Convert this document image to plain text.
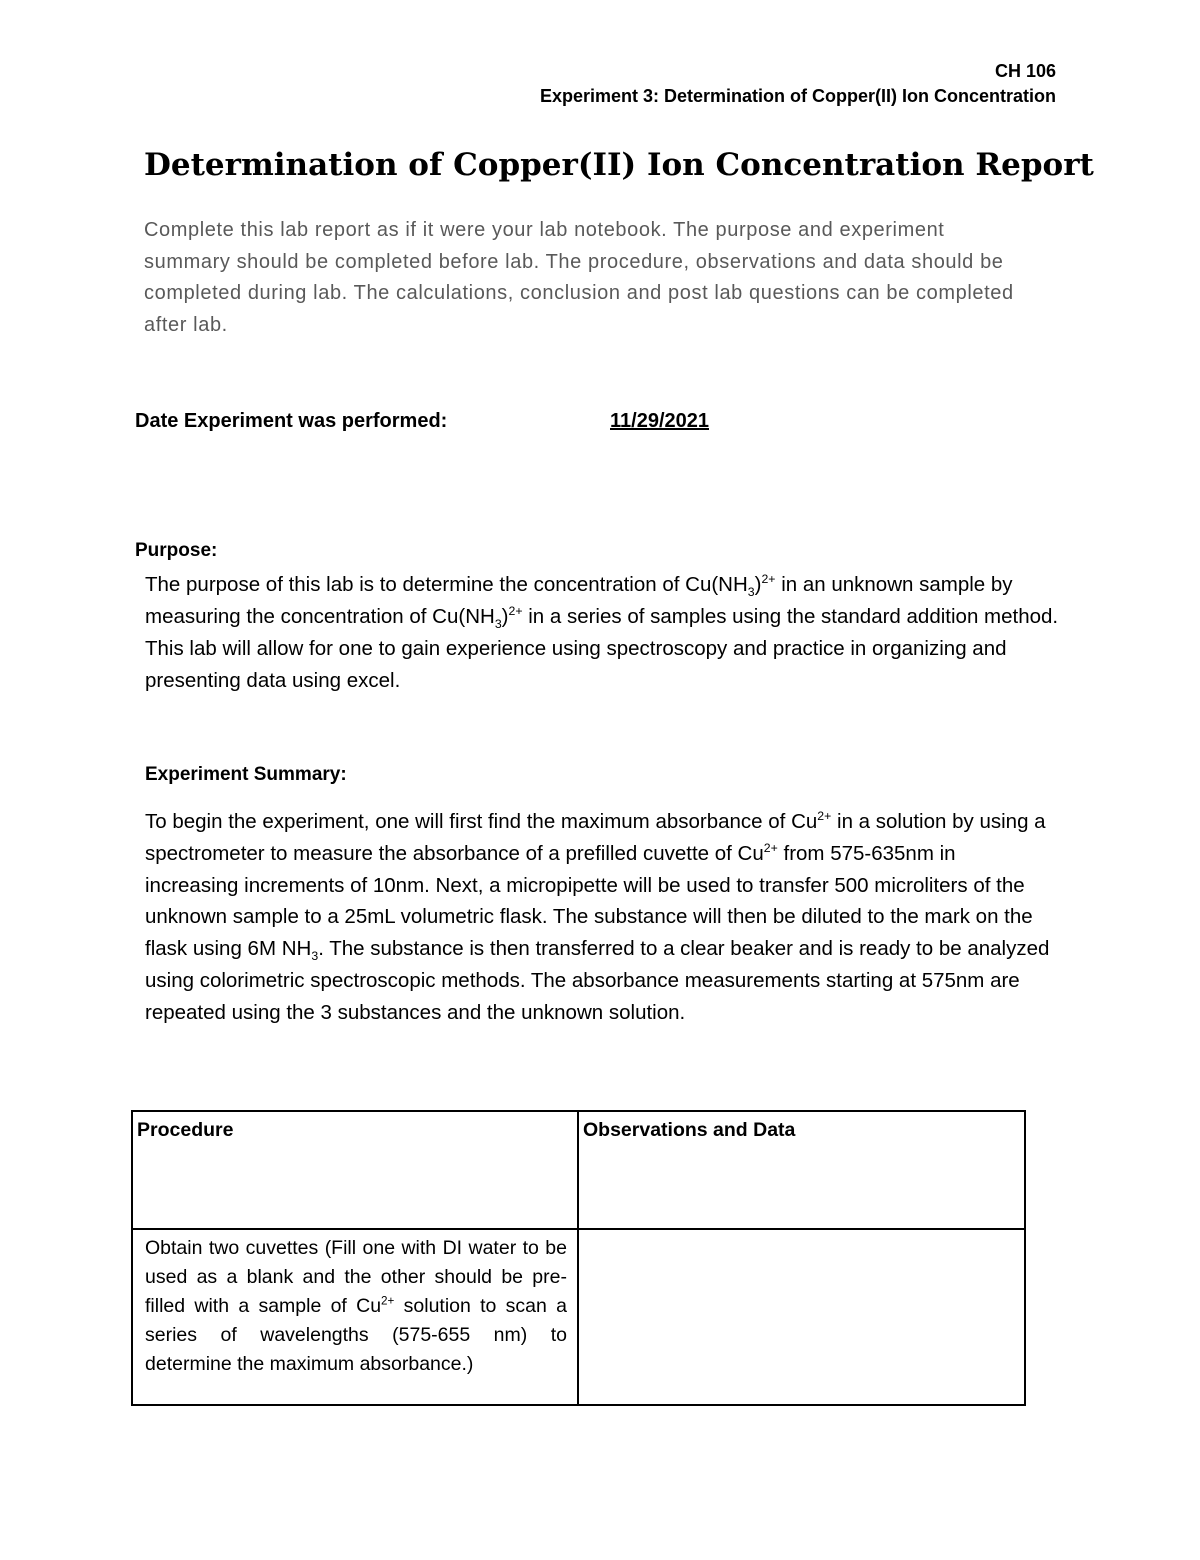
CH 106
Experiment 3: Determination of Copper(II) Ion Concentration
Determination of Copper(II) Ion Concentration Report
Complete this lab report as if it were your lab notebook. The purpose and experiment summary should be completed before lab. The procedure, observations and data should be completed during lab. The calculations, conclusion and post lab questions can be completed after lab.
Date Experiment was performed:	11/29/2021
Purpose:
The purpose of this lab is to determine the concentration of $Cu(NH_3)^{2+}$ in an unknown sample by measuring the concentration of $Cu(NH_3)^{2+}$ in a series of samples using the standard addition method. This lab will allow for one to gain experience using spectroscopy and practice in organizing and presenting data using excel.
Experiment Summary:
To begin the experiment, one will first find the maximum absorbance of $Cu^{2+}$ in a solution by using a spectrometer to measure the absorbance of a prefilled cuvette of $Cu^{2+}$ from 575-635nm in increasing increments of 10nm. Next, a micropipette will be used to transfer 500 microliters of the unknown sample to a 25mL volumetric flask. The substance will then be diluted to the mark on the flask using 6M $NH_3$. The substance is then transferred to a clear beaker and is ready to be analyzed using colorimetric spectroscopic methods. The absorbance measurements starting at 575nm are repeated using the 3 substances and the unknown solution.
Procedure	Observations and Data
Obtain two cuvettes (Fill one with DI water to be used as a blank and the other should be pre-filled with a sample of $Cu^{2+}$ solution to scan a series of wavelengths (575-655 nm) to determine the maximum absorbance.)	
